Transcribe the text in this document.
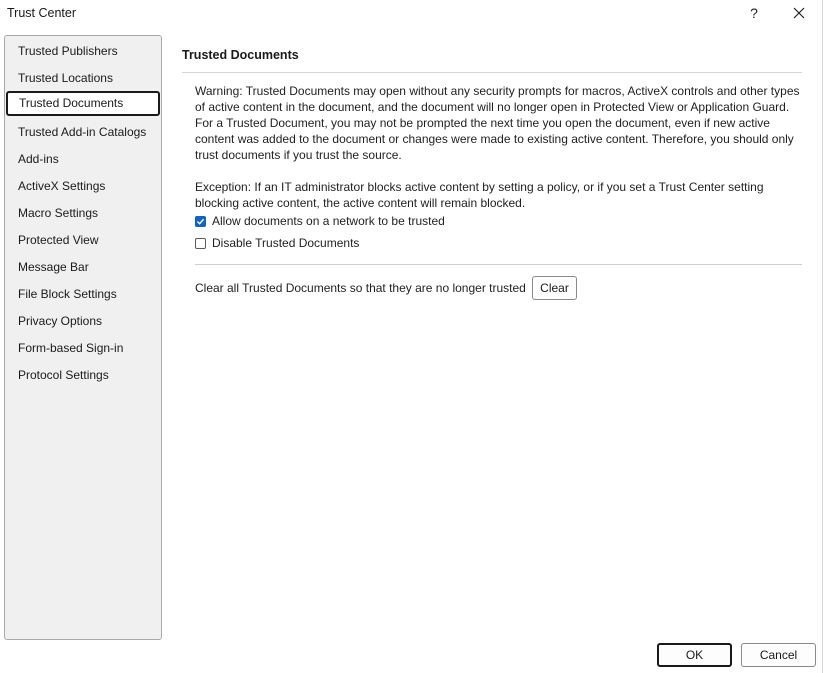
Trust Center	?
Trusted Publishers
Trusted Locations
Trusted Documents
Trusted Add-in Catalogs
Add-ins
ActiveX Settings
Macro Settings
Protected View
Message Bar
File Block Settings
Privacy Options
Form-based Sign-in
Protocol Settings
Trusted Documents

Warning: Trusted Documents may open without any security prompts for macros, ActiveX controls and other types of active content in the document, and the document will no longer open in Protected View or Application Guard. For a Trusted Document, you may not be prompted the next time you open the document, even if new active content was added to the document or changes were made to existing active content. Therefore, you should only trust documents if you trust the source.

Exception: If an IT administrator blocks active content by setting a policy, or if you set a Trust Center setting blocking active content, the active content will remain blocked.

Allow documents on a network to be trusted
Disable Trusted Documents
Clear all Trusted Documents so that they are no longer trusted	Clear
OK	Cancel
